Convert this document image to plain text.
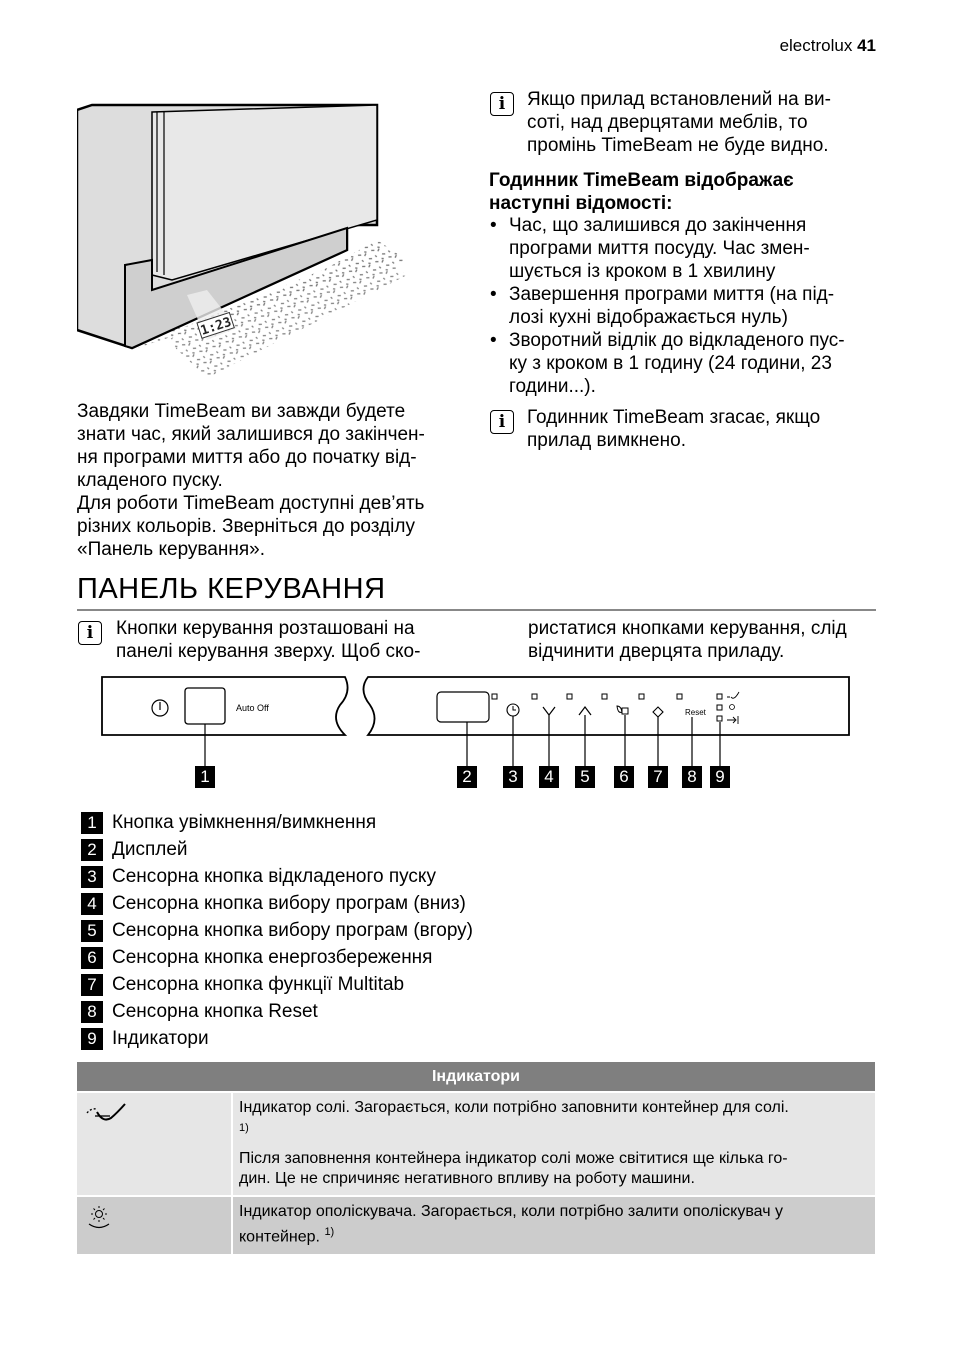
electrolux 41
1:23
Завдяки TimeBeam ви завжди будете
знати час, який залишився до закінчен-
ня програми миття або до початку від-
кладеного пуску.
Для роботи TimeBeam доступні дев’ять
різних кольорів. Зверніться до розділу
«Панель керування».
i	Якщо прилад встановлений на ви-
соті, над дверцятами меблів, то
промінь TimeBeam не буде видно.
Годинник TimeBeam відображає
наступні відомості:
• Час, що залишився до закінчення
програми миття посуду. Час змен-
шується із кроком в 1 хвилину
• Завершення програми миття (на під-
лозі кухні відображається нуль)
• Зворотний відлік до відкладеного пус-
ку з кроком в 1 годину (24 години, 23
години...).
i	Годинник TimeBeam згасає, якщо
прилад вимкнено.
ПАНЕЛЬ КЕРУВАННЯ
i	Кнопки керування розташовані на
панелі керування зверху. Щоб ско-
ристатися кнопками керування, слід
відчинити дверцята приладу.
Auto Off	Reset
1	2	3	4	5	6	7	8	9
1 Кнопка увімкнення/вимкнення
2 Дисплей
3 Сенсорна кнопка відкладеного пуску
4 Сенсорна кнопка вибору програм (вниз)
5 Сенсорна кнопка вибору програм (вгору)
6 Сенсорна кнопка енергозбереження
7 Сенсорна кнопка функції Multitab
8 Сенсорна кнопка Reset
9 Індикатори
Індикатори	

Індикатор солі. Загорається, коли потрібно заповнити контейнер для солі.
$^{1)}$
Після заповнення контейнера індикатор солі може світитися ще кілька го-
дин. Це не спричиняє негативного впливу на роботу машини.

Індикатор ополіскувача. Загорається, коли потрібно залити ополіскувач у
контейнер. $^{1)}$
